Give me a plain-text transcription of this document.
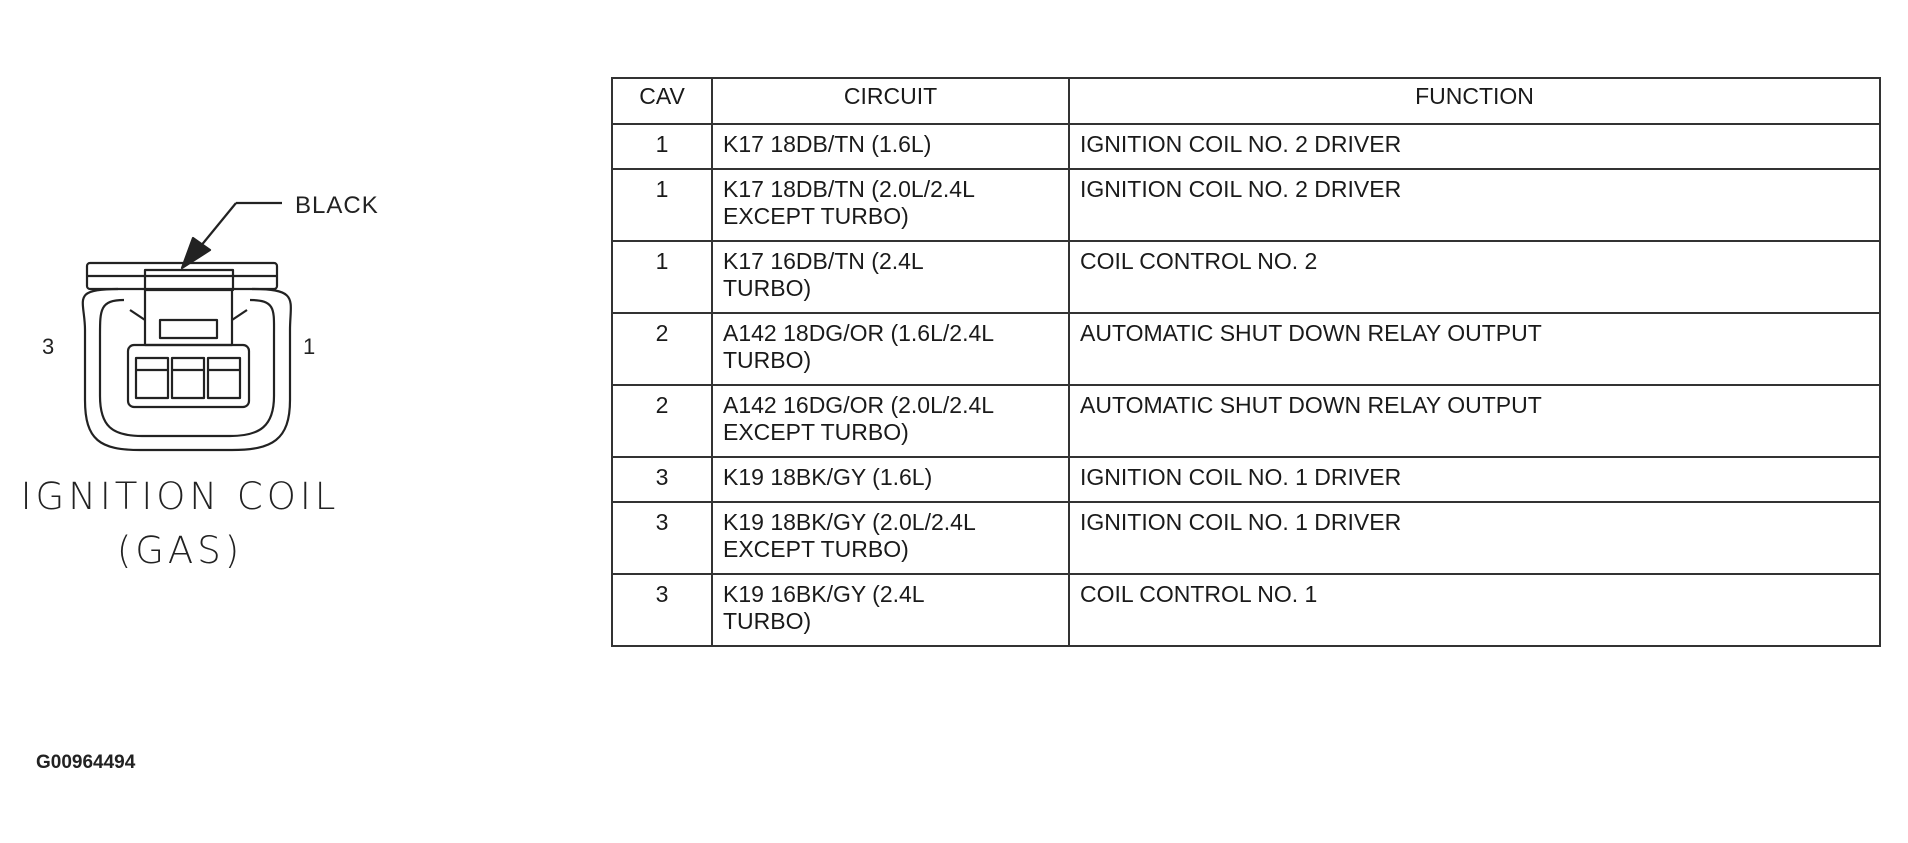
BLACK
3	1
IGNITION COIL
(GAS)
G00964494
CAV	CIRCUIT	FUNCTION
1	K17 18DB/TN (1.6L)	IGNITION COIL NO. 2 DRIVER
1	K17 18DB/TN (2.0L/2.4L
EXCEPT TURBO)	IGNITION COIL NO. 2 DRIVER
1	K17 16DB/TN (2.4L
TURBO)	COIL CONTROL NO. 2
2	A142 18DG/OR (1.6L/2.4L
TURBO)	AUTOMATIC SHUT DOWN RELAY OUTPUT
2	A142 16DG/OR (2.0L/2.4L
EXCEPT TURBO)	AUTOMATIC SHUT DOWN RELAY OUTPUT
3	K19 18BK/GY (1.6L)	IGNITION COIL NO. 1 DRIVER
3	K19 18BK/GY (2.0L/2.4L
EXCEPT TURBO)	IGNITION COIL NO. 1 DRIVER
3	K19 16BK/GY (2.4L
TURBO)	COIL CONTROL NO. 1
